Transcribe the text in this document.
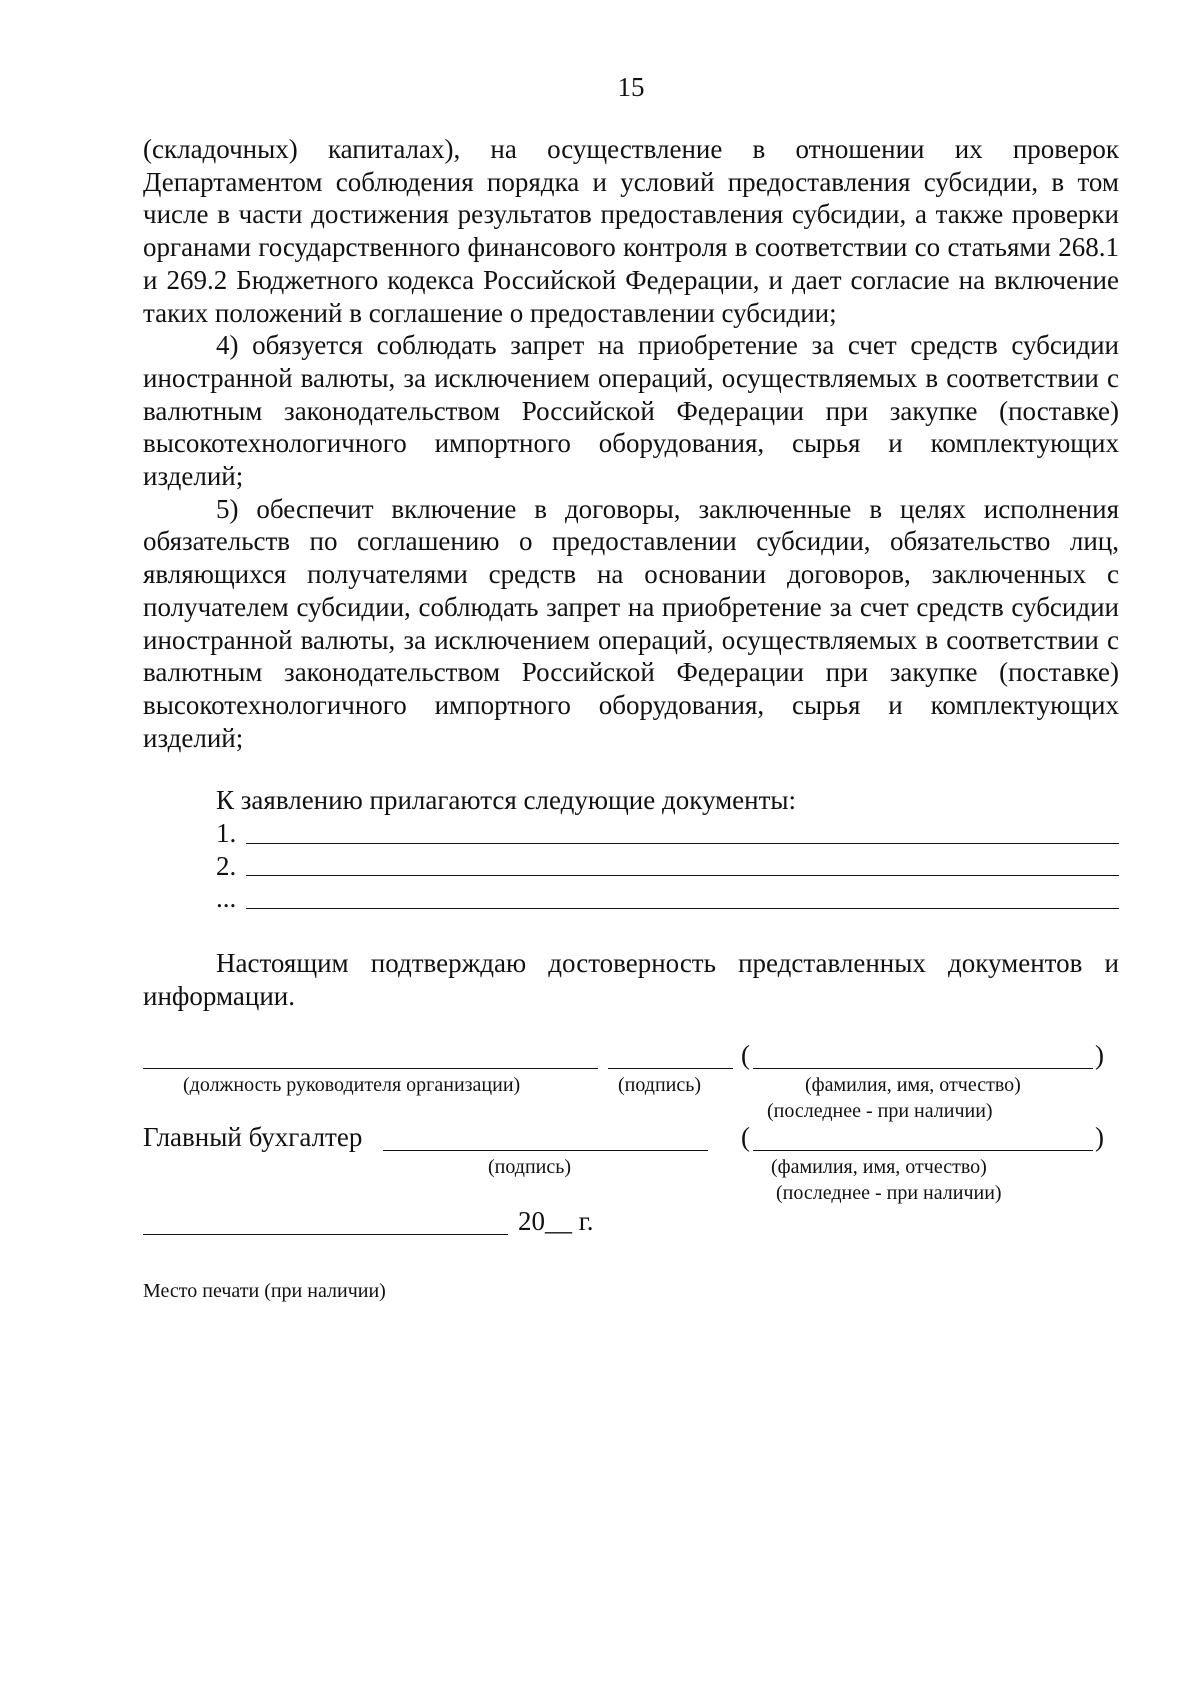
15

(складочных) капиталах), на осуществление в отношении их проверок Департаментом соблюдения порядка и условий предоставления субсидии, в том числе в части достижения результатов предоставления субсидии, а также проверки органами государственного финансового контроля в соответствии со статьями 268.1 и 269.2 Бюджетного кодекса Российской Федерации, и дает согласие на включение таких положений в соглашение о предоставлении субсидии;

4) обязуется соблюдать запрет на приобретение за счет средств субсидии иностранной валюты, за исключением операций, осуществляемых в соответствии с валютным законодательством Российской Федерации при закупке (поставке) высокотехнологичного импортного оборудования, сырья и комплектующих изделий;

5) обеспечит включение в договоры, заключенные в целях исполнения обязательств по соглашению о предоставлении субсидии, обязательство лиц, являющихся получателями средств на основании договоров, заключенных с получателем субсидии, соблюдать запрет на приобретение за счет средств субсидии иностранной валюты, за исключением операций, осуществляемых в соответствии с валютным законодательством Российской Федерации при закупке (поставке) высокотехнологичного импортного оборудования, сырья и комплектующих изделий;

К заявлению прилагаются следующие документы:

1.
2.
...

Настоящим подтверждаю достоверность представленных документов и информации.

(	)
(должность руководителя организации)	(подпись)	(фамилия, имя, отчество)
(последнее - при наличии)
Главный бухгалтер	(	)
(подпись)	(фамилия, имя, отчество)
(последнее - при наличии)
20__ г.
Место печати (при наличии)
